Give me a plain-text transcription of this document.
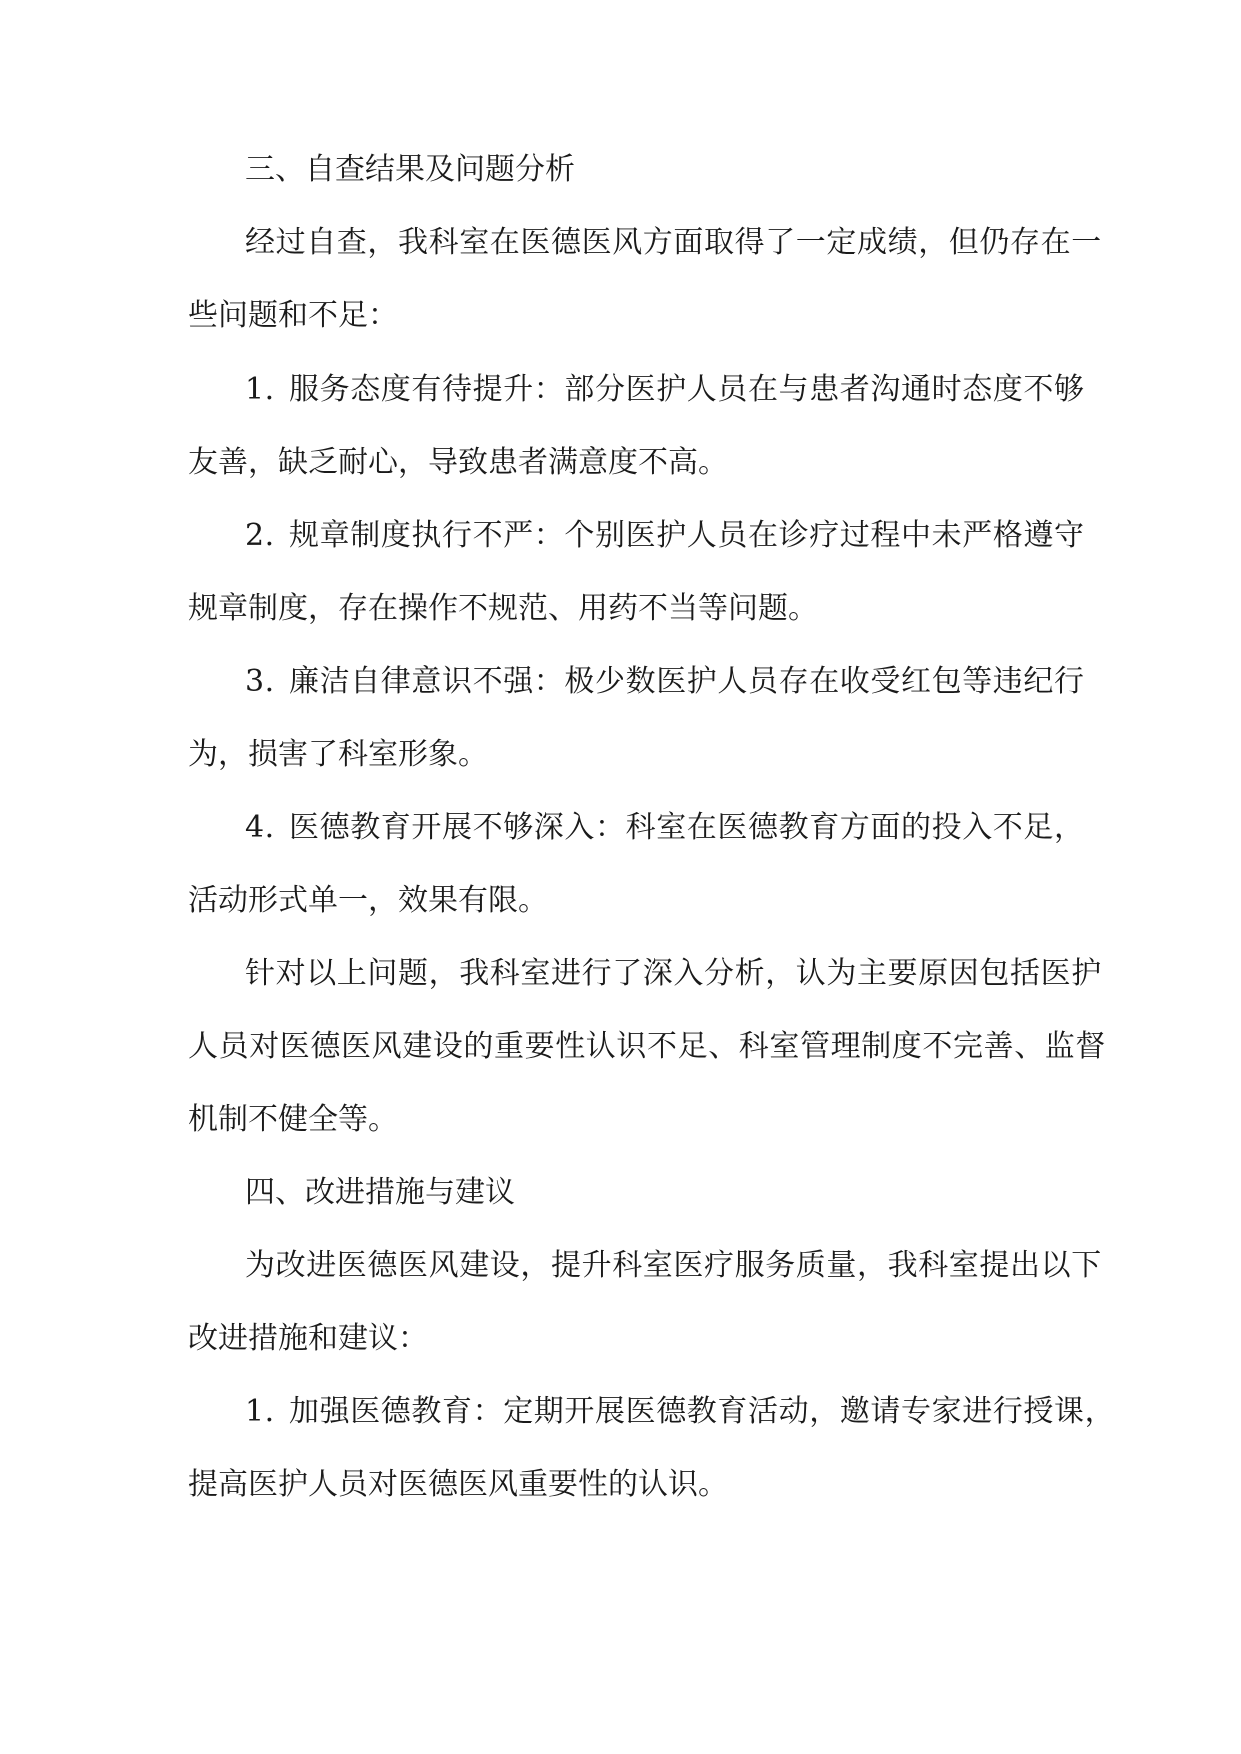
三、自查结果及问题分析

经过自查，我科室在医德医风方面取得了一定成绩，但仍存在一

些问题和不足：

1. 服务态度有待提升：部分医护人员在与患者沟通时态度不够

友善，缺乏耐心，导致患者满意度不高。

2. 规章制度执行不严：个别医护人员在诊疗过程中未严格遵守

规章制度，存在操作不规范、用药不当等问题。

3. 廉洁自律意识不强：极少数医护人员存在收受红包等违纪行

为，损害了科室形象。

4. 医德教育开展不够深入：科室在医德教育方面的投入不足，

活动形式单一，效果有限。

针对以上问题，我科室进行了深入分析，认为主要原因包括医护

人员对医德医风建设的重要性认识不足、科室管理制度不完善、监督

机制不健全等。

四、改进措施与建议

为改进医德医风建设，提升科室医疗服务质量，我科室提出以下

改进措施和建议：

1. 加强医德教育：定期开展医德教育活动，邀请专家进行授课，

提高医护人员对医德医风重要性的认识。
